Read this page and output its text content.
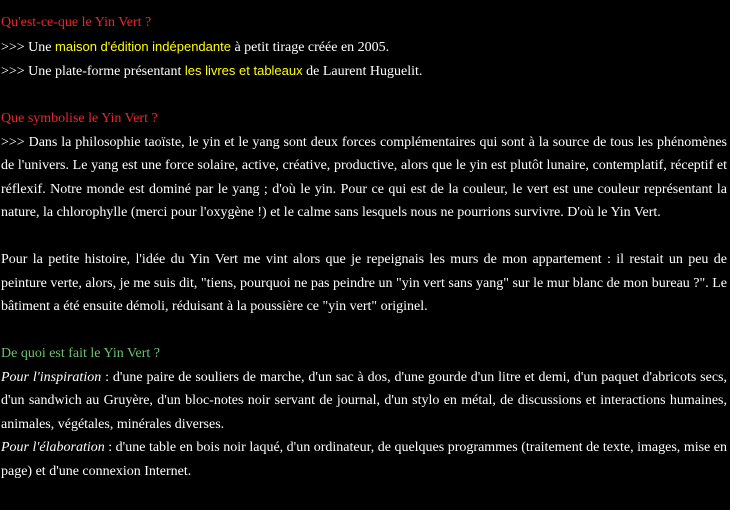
Qu'est-ce-que le Yin Vert ?
>>> Une maison d'édition indépendante à petit tirage créée en 2005.
>>> Une plate-forme présentant les livres et tableaux de Laurent Huguelit.
Que symbolise le Yin Vert ?

>>> Dans la philosophie taoïste, le yin et le yang sont deux forces complémentaires qui sont à la source de tous les phénomènes de l'univers. Le yang est une force solaire, active, créative, productive, alors que le yin est plutôt lunaire, contemplatif, réceptif et réflexif. Notre monde est dominé par le yang ; d'où le yin. Pour ce qui est de la couleur, le vert est une couleur représentant la nature, la chlorophylle (merci pour l'oxygène !) et le calme sans lesquels nous ne pourrions survivre. D'où le Yin Vert.

Pour la petite histoire, l'idée du Yin Vert me vint alors que je repeignais les murs de mon appartement : il restait un peu de peinture verte, alors, je me suis dit, "tiens, pourquoi ne pas peindre un "yin vert sans yang" sur le mur blanc de mon bureau ?". Le bâtiment a été ensuite démoli, réduisant à la poussière ce "yin vert" originel.

De quoi est fait le Yin Vert ?

Pour l'inspiration : d'une paire de souliers de marche, d'un sac à dos, d'une gourde d'un litre et demi, d'un paquet d'abricots secs, d'un sandwich au Gruyère, d'un bloc-notes noir servant de journal, d'un stylo en métal, de discussions et interactions humaines, animales, végétales, minérales diverses.

Pour l'élaboration : d'une table en bois noir laqué, d'un ordinateur, de quelques programmes (traitement de texte, images, mise en page) et d'une connexion Internet.
